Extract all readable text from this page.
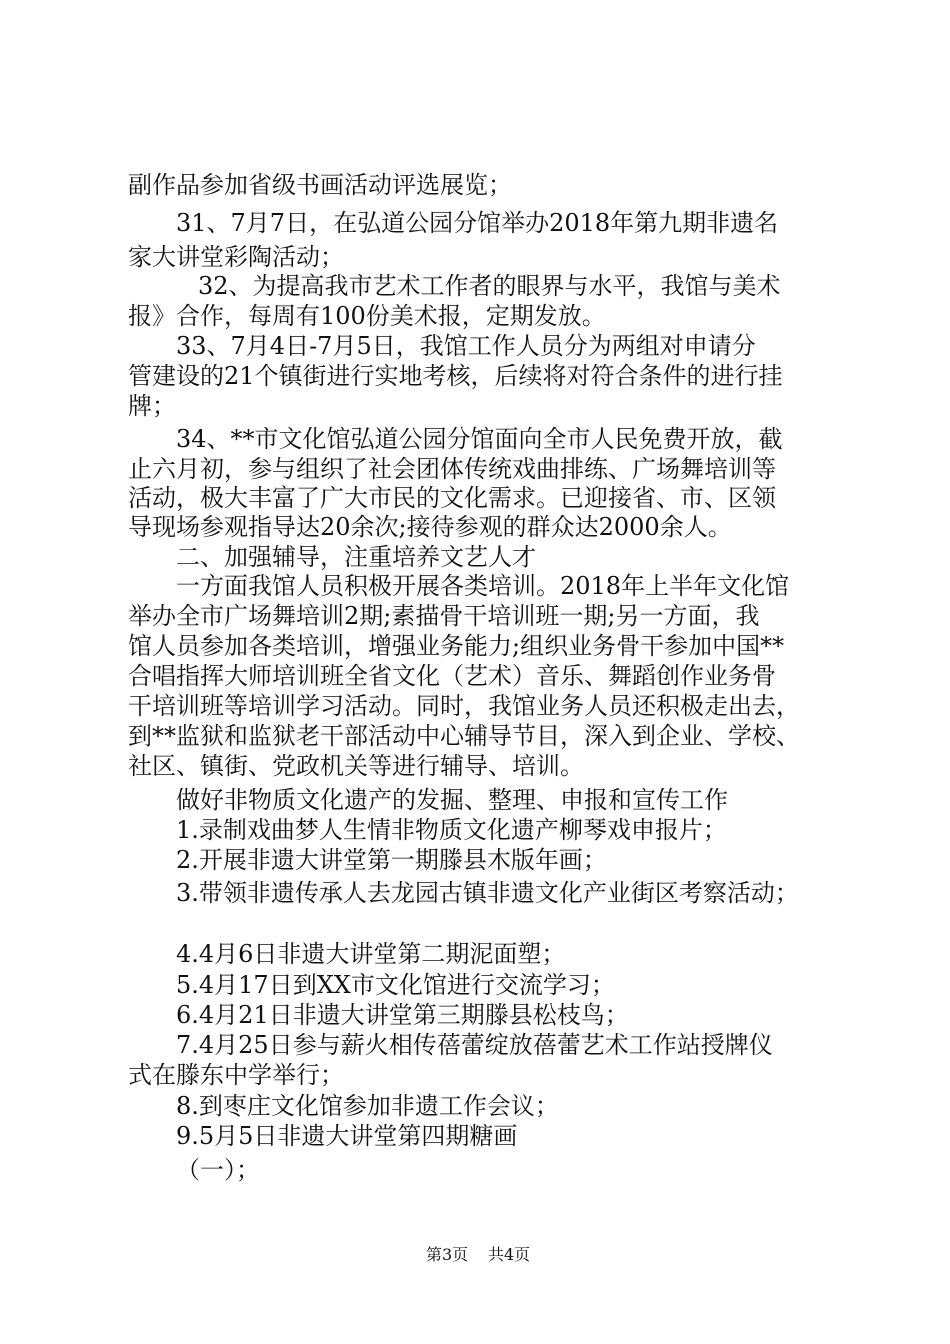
副作品参加省级书画活动评选展览；
31、7月7日，在弘道公园分馆举办2018年第九期非遗名
家大讲堂彩陶活动；
32、为提高我市艺术工作者的眼界与水平，我馆与美术
报》合作，每周有100份美术报，定期发放。
33、7月4日-7月5日，我馆工作人员分为两组对申请分
管建设的21个镇街进行实地考核，后续将对符合条件的进行挂
牌；
34、**市文化馆弘道公园分馆面向全市人民免费开放，截
止六月初，参与组织了社会团体传统戏曲排练、广场舞培训等
活动，极大丰富了广大市民的文化需求。已迎接省、市、区领
导现场参观指导达20余次;接待参观的群众达2000余人。
二、加强辅导，注重培养文艺人才
一方面我馆人员积极开展各类培训。2018年上半年文化馆
举办全市广场舞培训2期;素描骨干培训班一期;另一方面，我
馆人员参加各类培训，增强业务能力;组织业务骨干参加中国**
合唱指挥大师培训班全省文化（艺术）音乐、舞蹈创作业务骨
干培训班等培训学习活动。同时，我馆业务人员还积极走出去，
到**监狱和监狱老干部活动中心辅导节目，深入到企业、学校、
社区、镇街、党政机关等进行辅导、培训。
做好非物质文化遗产的发掘、整理、申报和宣传工作
1.录制戏曲梦人生情非物质文化遗产柳琴戏申报片；
2.开展非遗大讲堂第一期滕县木版年画；
3.带领非遗传承人去龙园古镇非遗文化产业街区考察活动；
4.4月6日非遗大讲堂第二期泥面塑；
5.4月17日到XX市文化馆进行交流学习；
6.4月21日非遗大讲堂第三期滕县松枝鸟；
7.4月25日参与薪火相传蓓蕾绽放蓓蕾艺术工作站授牌仪
式在滕东中学举行；
8.到枣庄文化馆参加非遗工作会议；
9.5月5日非遗大讲堂第四期糖画
（一）；
第3页 共4页
